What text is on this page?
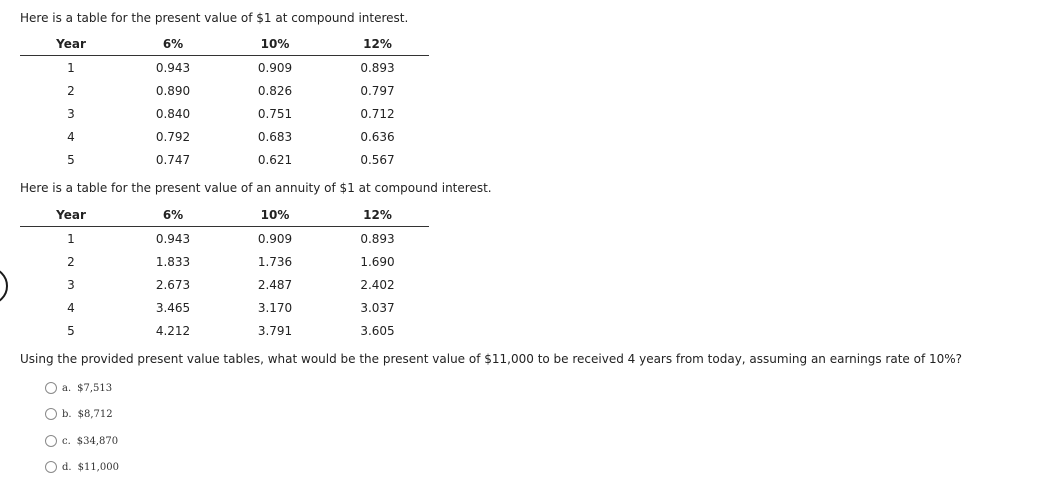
Here is a table for the present value of $1 at compound interest.
Year	6%	10%	12%
1	0.943	0.909	0.893
2	0.890	0.826	0.797
3	0.840	0.751	0.712
4	0.792	0.683	0.636
5	0.747	0.621	0.567
Here is a table for the present value of an annuity of $1 at compound interest.
Year	6%	10%	12%
1	0.943	0.909	0.893
2	1.833	1.736	1.690
3	2.673	2.487	2.402
4	3.465	3.170	3.037
5	4.212	3.791	3.605
Using the provided present value tables, what would be the present value of $11,000 to be received 4 years from today, assuming an earnings rate of 10%?
a. $7,513
b. $8,712
c. $34,870
d. $11,000
